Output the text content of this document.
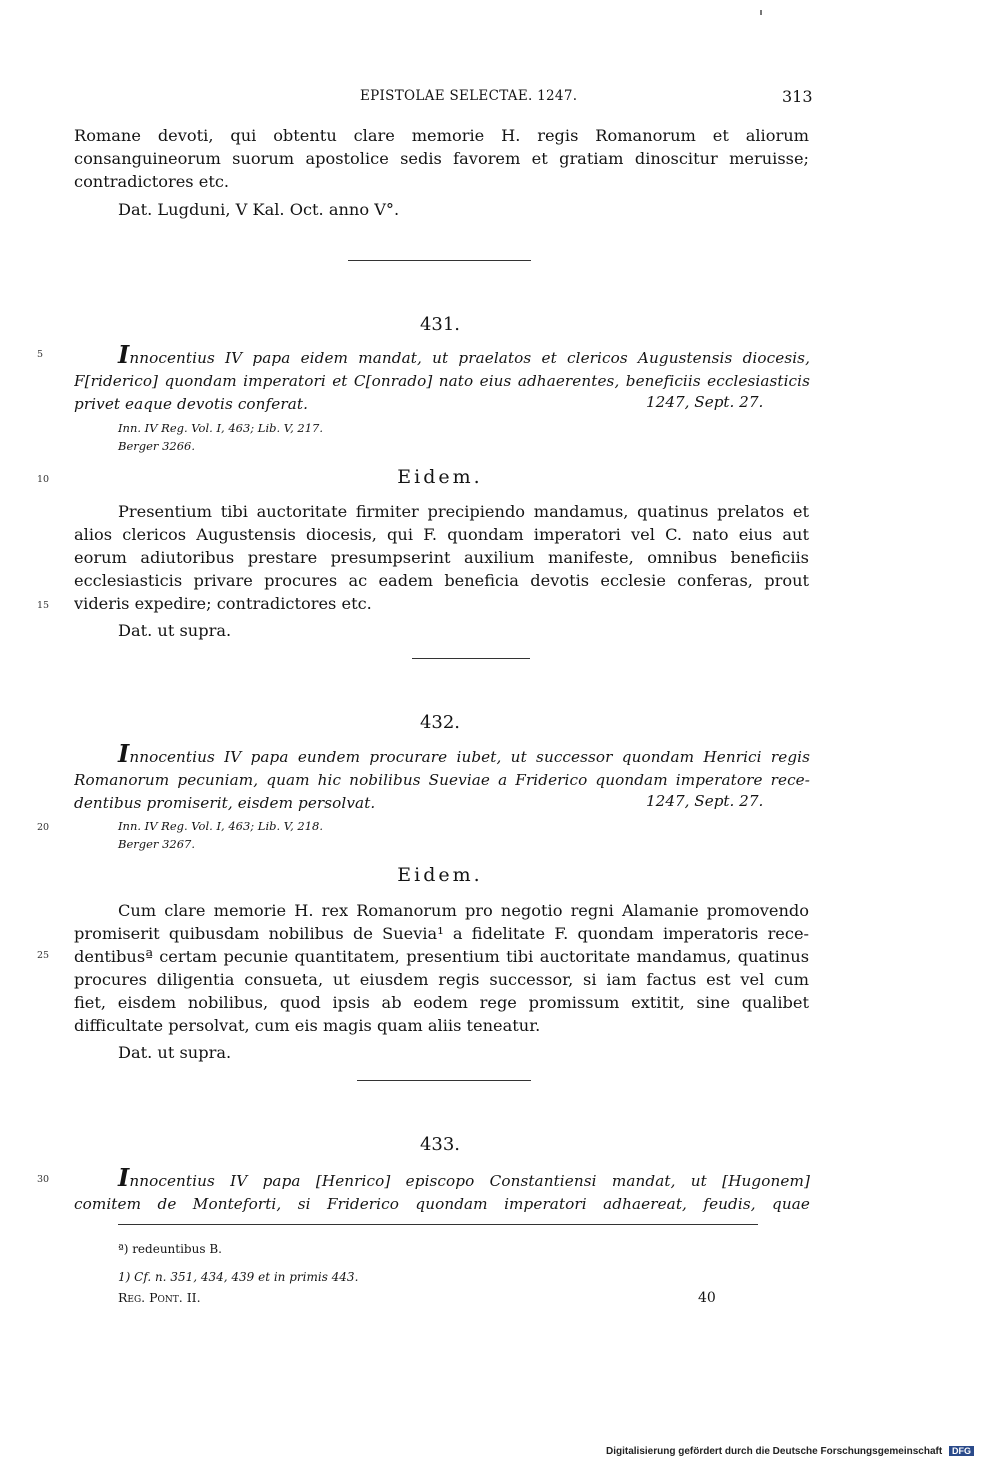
EPISTOLAE SELECTAE. 1247.	313
Romane devoti, qui obtentu clare memorie H. regis Romanorum et aliorum
consanguineorum suorum apostolice sedis favorem et gratiam dinoscitur meruisse;
contradictores etc.
Dat. Lugduni, V Kal. Oct. anno V°.
431.
5	Innocentius IV papa eidem mandat, ut praelatos et clericos Augustensis diocesis,
F[riderico] quondam imperatori et C[onrado] nato eius adhaerentes, beneficiis ecclesiasticis
privet eaque devotis conferat.	1247, Sept. 27.
Inn. IV Reg. Vol. I, 463; Lib. V, 217.
Berger 3266.
10	Eidem.
Presentium tibi auctoritate firmiter precipiendo mandamus, quatinus prelatos et
alios clericos Augustensis diocesis, qui F. quondam imperatori vel C. nato eius aut
eorum adiutoribus prestare presumpserint auxilium manifeste, omnibus beneficiis
ecclesiasticis privare procures ac eadem beneficia devotis ecclesie conferas, prout
videris expedire; contradictores etc.
15
Dat. ut supra.
432.
Innocentius IV papa eundem procurare iubet, ut successor quondam Henrici regis
Romanorum pecuniam, quam hic nobilibus Sueviae a Friderico quondam imperatore rece-
dentibus promiserit, eisdem persolvat.	1247, Sept. 27.
20	Inn. IV Reg. Vol. I, 463; Lib. V, 218.
Berger 3267.
Eidem.
Cum clare memorie H. rex Romanorum pro negotio regni Alamanie promovendo
promiserit quibusdam nobilibus de Suevia¹ a fidelitate F. quondam imperatoris rece-
dentibusª certam pecunie quantitatem, presentium tibi auctoritate mandamus, quatinus
procures diligentia consueta, ut eiusdem regis successor, si iam factus est vel cum
fiet, eisdem nobilibus, quod ipsis ab eodem rege promissum extitit, sine qualibet
difficultate persolvat, cum eis magis quam aliis teneatur.
25
Dat. ut supra.
433.
30	Innocentius IV papa [Henrico] episcopo Constantiensi mandat, ut [Hugonem]
comitem de Monteforti, si Friderico quondam imperatori adhaereat, feudis, quae
ª) redeuntibus B.
1) Cf. n. 351, 434, 439 et in primis 443.
Reg. Pont. II.	40
Digitalisierung gefördert durch die Deutsche Forschungsgemeinschaft DFG
